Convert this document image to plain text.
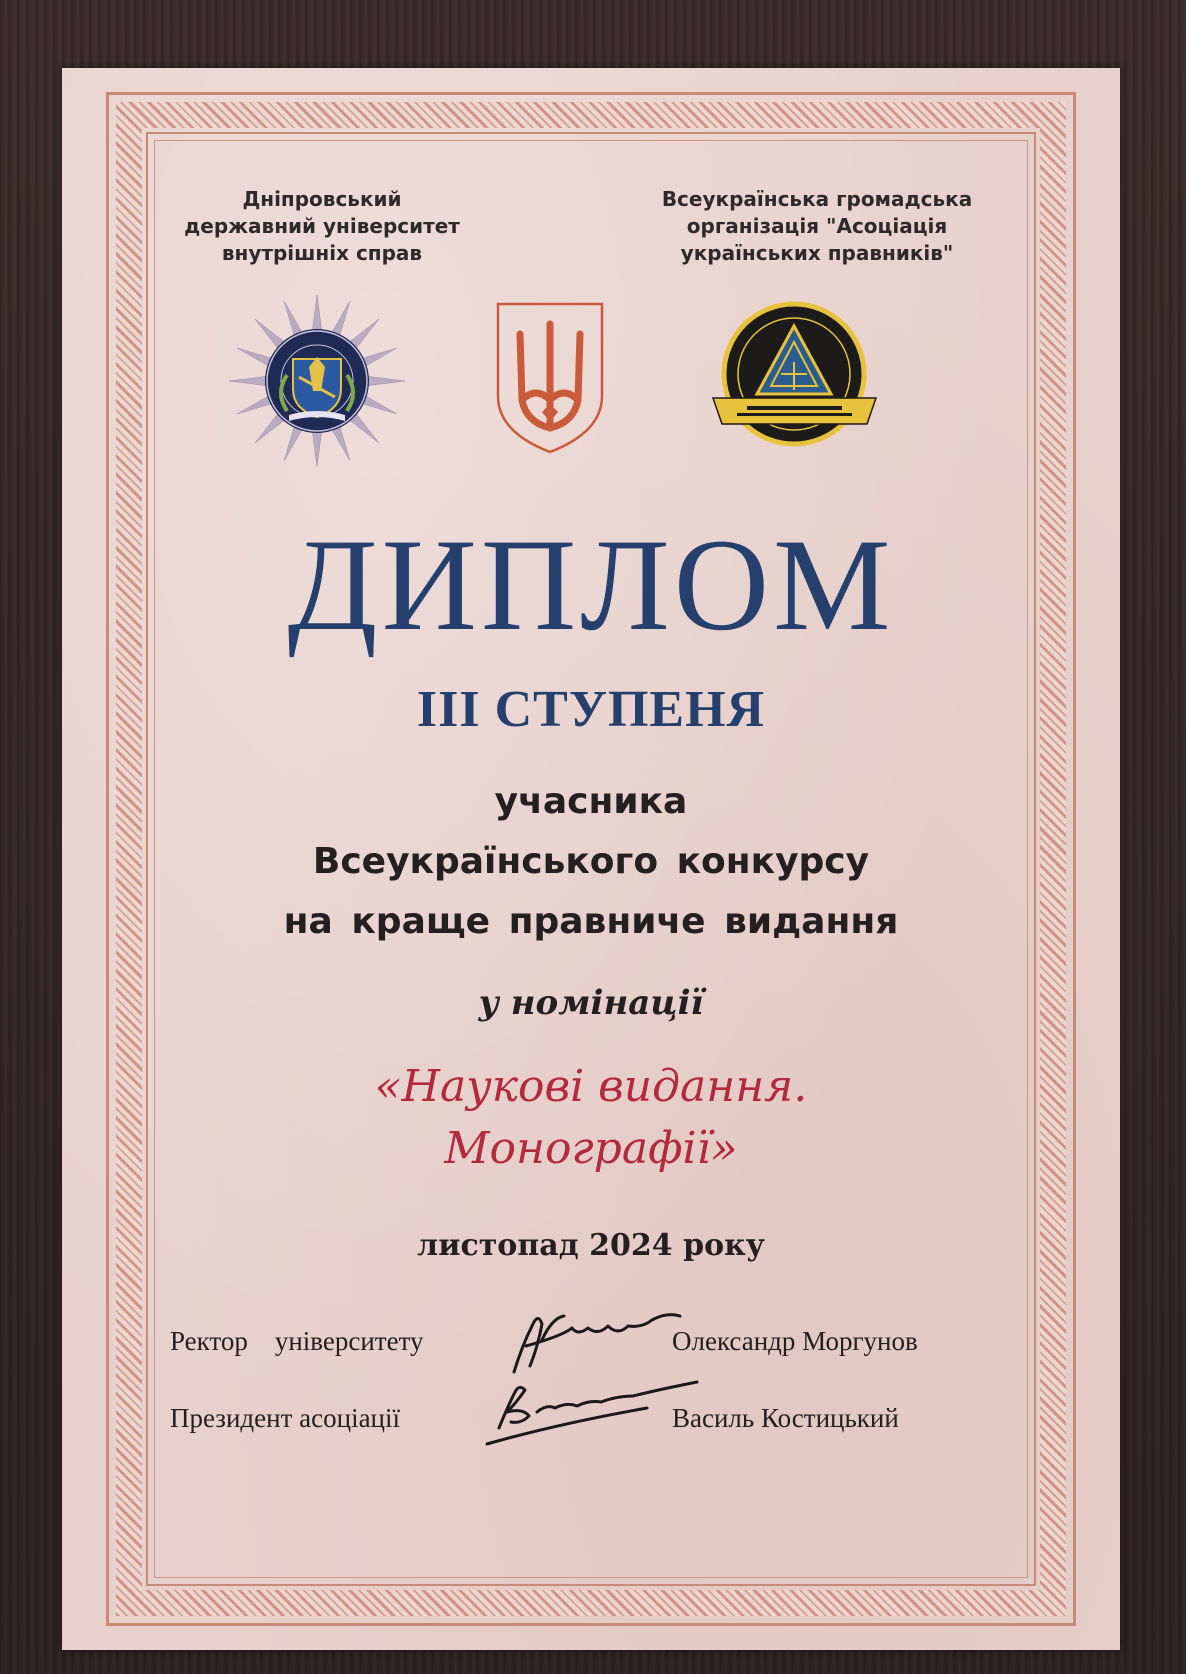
Дніпровський
державний університет
внутрішніх справ
Всеукраїнська громадська
організація "Асоціація
українських правників"
ДИПЛОМ
ІІІ СТУПЕНЯ
учасника
Всеукраїнського конкурсу
на краще правниче видання
у номінації
«Наукові видання.
Монографії»
листопад 2024 року
Ректор    університету	Олександр Моргунов
Президент асоціації	Василь Костицький
